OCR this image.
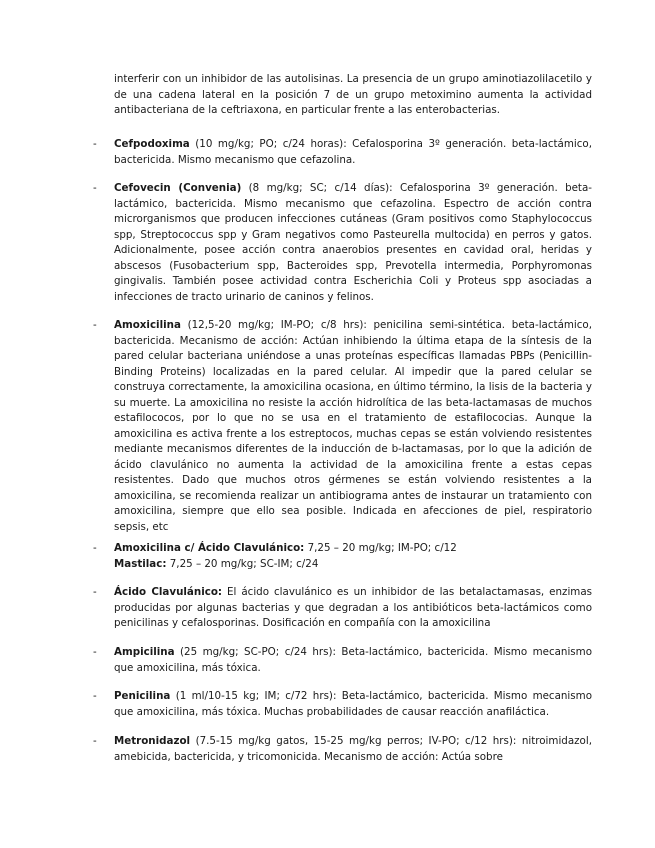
interferir con un inhibidor de las autolisinas. La presencia de un grupo aminotiazolilacetilo y de una cadena lateral en la posición 7 de un grupo metoximino aumenta la actividad antibacteriana de la ceftriaxona, en particular frente a las enterobacterias.

- Cefpodoxima (10 mg/kg; PO; c/24 horas): Cefalosporina 3º generación. beta-lactámico, bactericida. Mismo mecanismo que cefazolina.

- Cefovecin (Convenia) (8 mg/kg; SC; c/14 días): Cefalosporina 3º generación. beta-lactámico, bactericida. Mismo mecanismo que cefazolina. Espectro de acción contra microrganismos que producen infecciones cutáneas (Gram positivos como Staphylococcus spp, Streptococcus spp y Gram negativos como Pasteurella multocida) en perros y gatos. Adicionalmente, posee acción contra anaerobios presentes en cavidad oral, heridas y abscesos (Fusobacterium spp, Bacteroides spp, Prevotella intermedia, Porphyromonas gingivalis. También posee actividad contra Escherichia Coli y Proteus spp asociadas a infecciones de tracto urinario de caninos y felinos.

- Amoxicilina (12,5-20 mg/kg; IM-PO; c/8 hrs): penicilina semi-sintética. beta-lactámico, bactericida. Mecanismo de acción: Actúan inhibiendo la última etapa de la síntesis de la pared celular bacteriana uniéndose a unas proteínas específicas llamadas PBPs (Penicillin-Binding Proteins) localizadas en la pared celular. Al impedir que la pared celular se construya correctamente, la amoxicilina ocasiona, en último término, la lisis de la bacteria y su muerte. La amoxicilina no resiste la acción hidrolítica de las beta-lactamasas de muchos estafilococos, por lo que no se usa en el tratamiento de estafilococias. Aunque la amoxicilina es activa frente a los estreptocos, muchas cepas se están volviendo resistentes mediante mecanismos diferentes de la inducción de b-lactamasas, por lo que la adición de ácido clavulánico no aumenta la actividad de la amoxicilina frente a estas cepas resistentes. Dado que muchos otros gérmenes se están volviendo resistentes a la amoxicilina, se recomienda realizar un antibiograma antes de instaurar un tratamiento con amoxicilina, siempre que ello sea posible. Indicada en afecciones de piel, respiratorio sepsis, etc

- Amoxicilina c/ Ácido Clavulánico: 7,25 – 20 mg/kg; IM-PO; c/12

Mastilac: 7,25 – 20 mg/kg; SC-IM; c/24

- Ácido Clavulánico: El ácido clavulánico es un inhibidor de las betalactamasas, enzimas producidas por algunas bacterias y que degradan a los antibióticos beta-lactámicos como penicilinas y cefalosporinas. Dosificación en compañía con la amoxicilina

- Ampicilina (25 mg/kg; SC-PO; c/24 hrs): Beta-lactámico, bactericida. Mismo mecanismo que amoxicilina, más tóxica.

- Penicilina (1 ml/10-15 kg; IM; c/72 hrs): Beta-lactámico, bactericida. Mismo mecanismo que amoxicilina, más tóxica. Muchas probabilidades de causar reacción anafiláctica.

- Metronidazol (7.5-15 mg/kg gatos, 15-25 mg/kg perros; IV-PO; c/12 hrs): nitroimidazol, amebicida, bactericida, y tricomonicida. Mecanismo de acción: Actúa sobre
